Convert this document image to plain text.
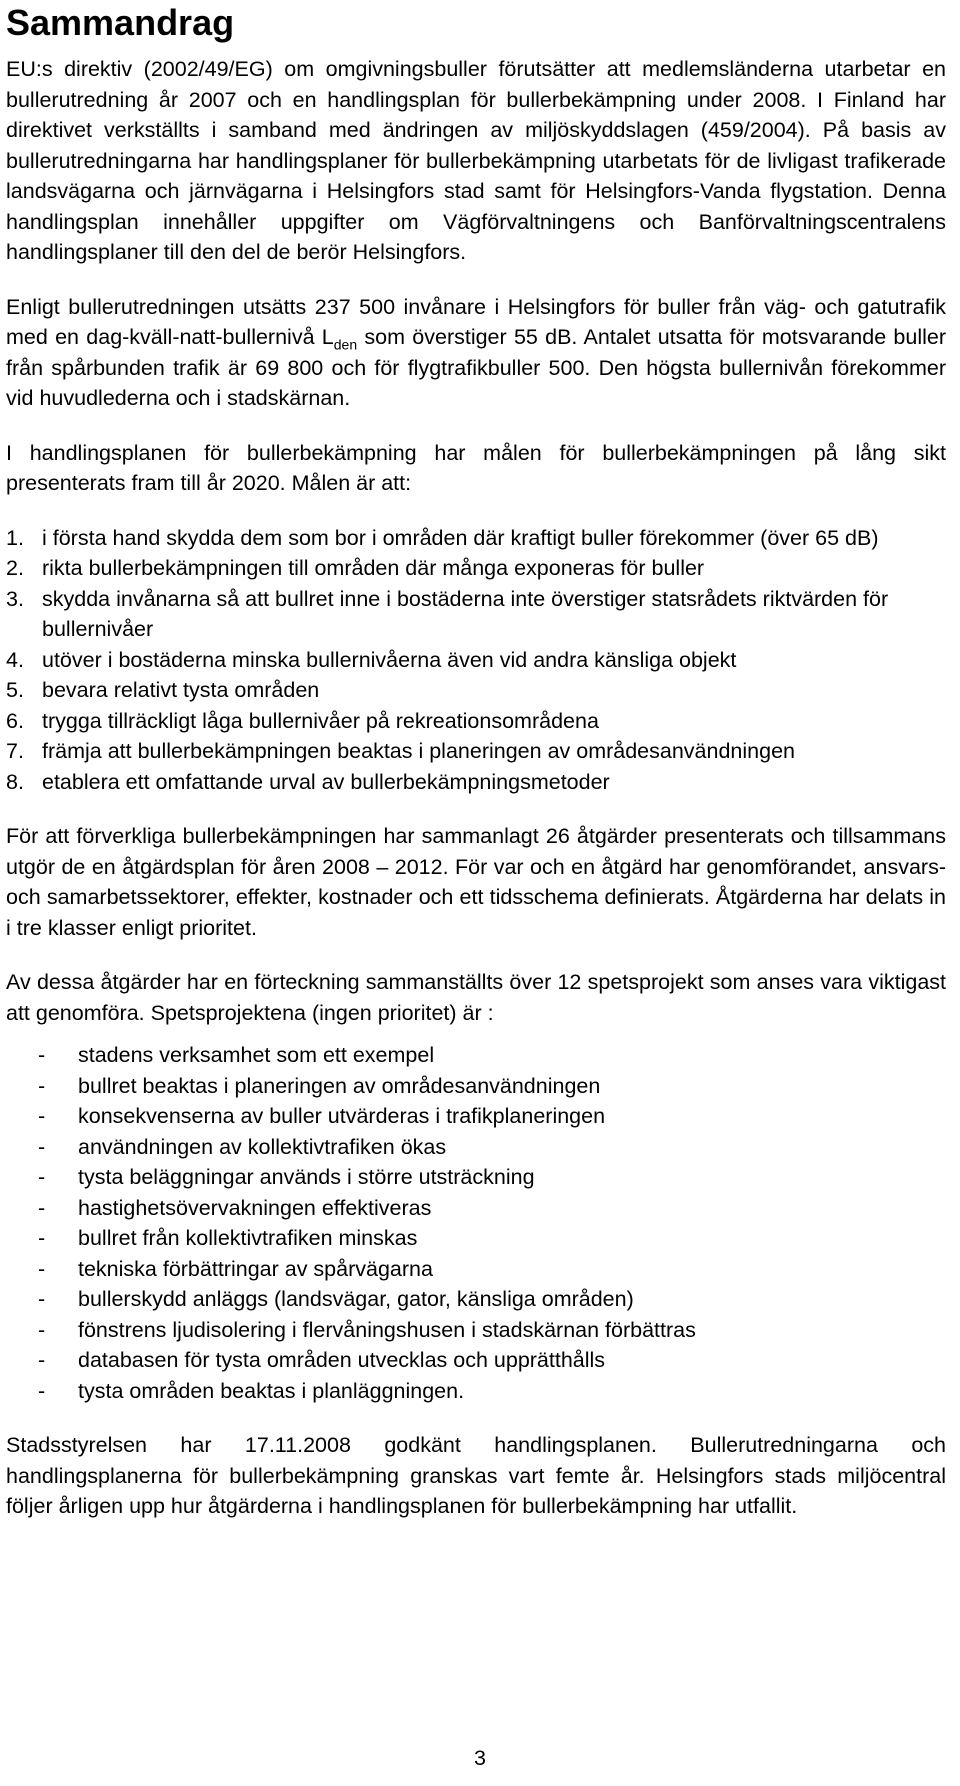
Sammandrag

EU:s direktiv (2002/49/EG) om omgivningsbuller förutsätter att medlemsländerna utarbetar en bullerutredning år 2007 och en handlingsplan för bullerbekämpning under 2008. I Finland har direktivet verkställts i samband med ändringen av miljöskyddslagen (459/2004). På basis av bullerutredningarna har handlingsplaner för bullerbekämpning utarbetats för de livligast trafikerade landsvägarna och järnvägarna i Helsingfors stad samt för Helsingfors-Vanda flygstation. Denna handlingsplan innehåller uppgifter om Vägförvaltningens och Banförvaltningscentralens handlingsplaner till den del de berör Helsingfors.

Enligt bullerutredningen utsätts 237 500 invånare i Helsingfors för buller från väg- och gatutrafik med en dag-kväll-natt-bullernivå $L_{den}$ som överstiger 55 dB. Antalet utsatta för motsvarande buller från spårbunden trafik är 69 800 och för flygtrafikbuller 500. Den högsta bullernivån förekommer vid huvudlederna och i stadskärnan.

I handlingsplanen för bullerbekämpning har målen för bullerbekämpningen på lång sikt presenterats fram till år 2020. Målen är att:

1. i första hand skydda dem som bor i områden där kraftigt buller förekommer (över 65 dB)
2. rikta bullerbekämpningen till områden där många exponeras för buller
3. skydda invånarna så att bullret inne i bostäderna inte överstiger statsrådets riktvärden för bullernivåer
4. utöver i bostäderna minska bullernivåerna även vid andra känsliga objekt
5. bevara relativt tysta områden
6. trygga tillräckligt låga bullernivåer på rekreationsområdena
7. främja att bullerbekämpningen beaktas i planeringen av områdesanvändningen
8. etablera ett omfattande urval av bullerbekämpningsmetoder

För att förverkliga bullerbekämpningen har sammanlagt 26 åtgärder presenterats och tillsammans utgör de en åtgärdsplan för åren 2008 – 2012. För var och en åtgärd har genomförandet, ansvars- och samarbetssektorer, effekter, kostnader och ett tidsschema definierats. Åtgärderna har delats in i tre klasser enligt prioritet.

Av dessa åtgärder har en förteckning sammanställts över 12 spetsprojekt som anses vara viktigast att genomföra. Spetsprojektena (ingen prioritet) är :

-	stadens verksamhet som ett exempel
-	bullret beaktas i planeringen av områdesanvändningen
-	konsekvenserna av buller utvärderas i trafikplaneringen
-	användningen av kollektivtrafiken ökas
-	tysta beläggningar används i större utsträckning
-	hastighetsövervakningen effektiveras
-	bullret från kollektivtrafiken minskas
-	tekniska förbättringar av spårvägarna
-	bullerskydd anläggs (landsvägar, gator, känsliga områden)
-	fönstrens ljudisolering i flervåningshusen i stadskärnan förbättras
-	databasen för tysta områden utvecklas och upprätthålls
-	tysta områden beaktas i planläggningen.

Stadsstyrelsen har 17.11.2008 godkänt handlingsplanen. Bullerutredningarna och handlingsplanerna för bullerbekämpning granskas vart femte år. Helsingfors stads miljöcentral följer årligen upp hur åtgärderna i handlingsplanen för bullerbekämpning har utfallit.

3
